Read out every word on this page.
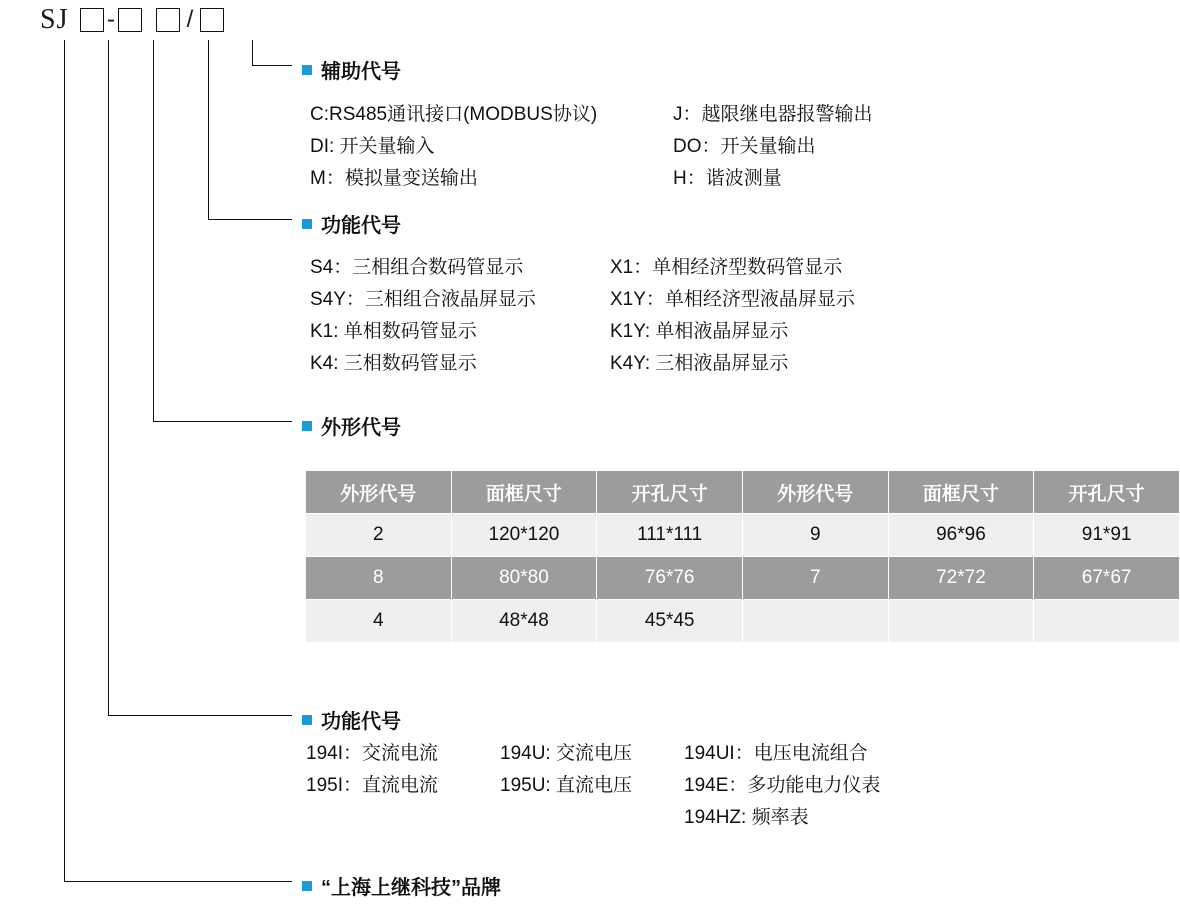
SJ -	/
辅助代号
C:RS485通讯接口(MODBUS协议)	J：越限继电器报警输出
DI: 开关量输入	DO：开关量输出
M：模拟量变送输出	H：谐波测量
功能代号
S4：三相组合数码管显示	X1：单相经济型数码管显示
S4Y：三相组合液晶屏显示	X1Y：单相经济型液晶屏显示
K1: 单相数码管显示	K1Y: 单相液晶屏显示
K4: 三相数码管显示	K4Y: 三相液晶屏显示
外形代号
外形代号	面框尺寸	开孔尺寸	外形代号	面框尺寸	开孔尺寸
2	120*120	111*111	9	96*96	91*91
8	80*80	76*76	7	72*72	67*67
4	48*48	45*45			
功能代号
194I：交流电流	194U: 交流电压	194UI：电压电流组合
195I：直流电流	195U: 直流电压	194E：多功能电力仪表
194HZ: 频率表
“上海上继科技”品牌
